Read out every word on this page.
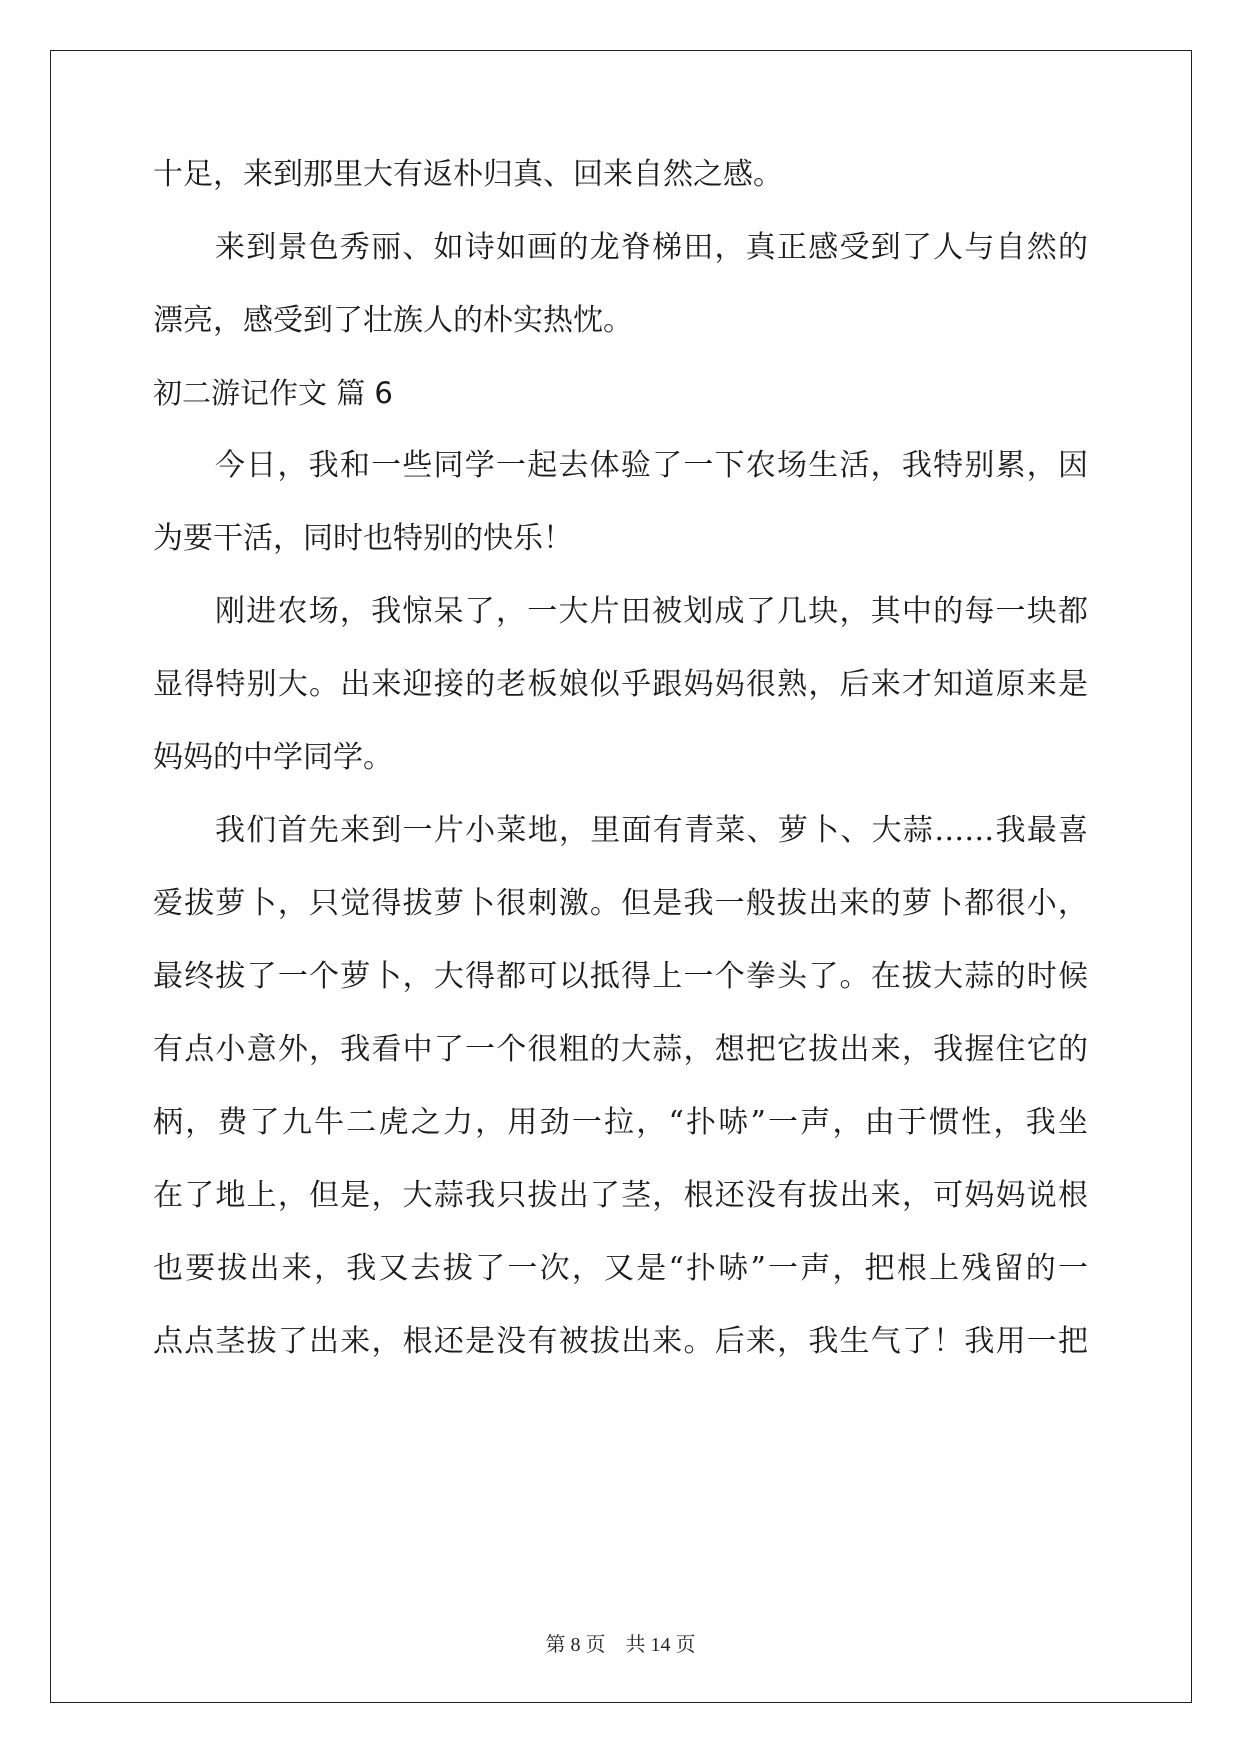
十足，来到那里大有返朴归真、回来自然之感。
来到景色秀丽、如诗如画的龙脊梯田，真正感受到了人与自然的
漂亮，感受到了壮族人的朴实热忱。
初二游记作文 篇 6
今日，我和一些同学一起去体验了一下农场生活，我特别累，因
为要干活，同时也特别的快乐！
刚进农场，我惊呆了，一大片田被划成了几块，其中的每一块都
显得特别大。出来迎接的老板娘似乎跟妈妈很熟，后来才知道原来是
妈妈的中学同学。
我们首先来到一片小菜地，里面有青菜、萝卜、大蒜……我最喜
爱拔萝卜，只觉得拔萝卜很刺激。但是我一般拔出来的萝卜都很小，
最终拔了一个萝卜，大得都可以抵得上一个拳头了。在拔大蒜的时候
有点小意外，我看中了一个很粗的大蒜，想把它拔出来，我握住它的
柄，费了九牛二虎之力，用劲一拉，“扑哧”一声，由于惯性，我坐
在了地上，但是，大蒜我只拔出了茎，根还没有拔出来，可妈妈说根
也要拔出来，我又去拔了一次，又是“扑哧”一声，把根上残留的一
点点茎拔了出来，根还是没有被拔出来。后来，我生气了！我用一把
第 8 页 共 14 页
